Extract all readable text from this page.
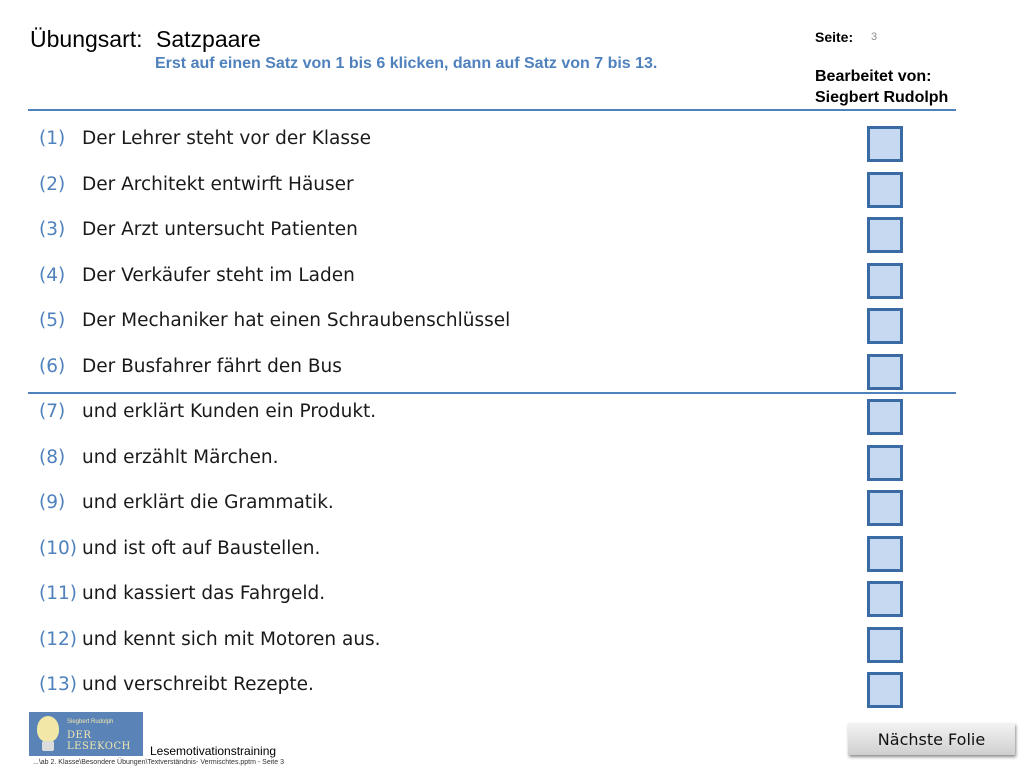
Übungsart: Satzpaare
Erst auf einen Satz von 1 bis 6 klicken, dann auf Satz von 7 bis 13.
Seite: 3
Bearbeitet von:
Siegbert Rudolph
(1) Der Lehrer steht vor der Klasse
(2) Der Architekt entwirft Häuser
(3) Der Arzt untersucht Patienten
(4) Der Verkäufer steht im Laden
(5) Der Mechaniker hat einen Schraubenschlüssel
(6) Der Busfahrer fährt den Bus
(7) und erklärt Kunden ein Produkt.
(8) und erzählt Märchen.
(9) und erklärt die Grammatik.
(10) und ist oft auf Baustellen.
(11) und kassiert das Fahrgeld.
(12) und kennt sich mit Motoren aus.
(13) und verschreibt Rezepte.
Siegbert Rudolph
DER LESEKOCH	Lesemotivationstraining
...\ab 2. Klasse\Besondere Übungen\Textverständnis- Vermischtes.pptm - Seite 3
Nächste Folie
